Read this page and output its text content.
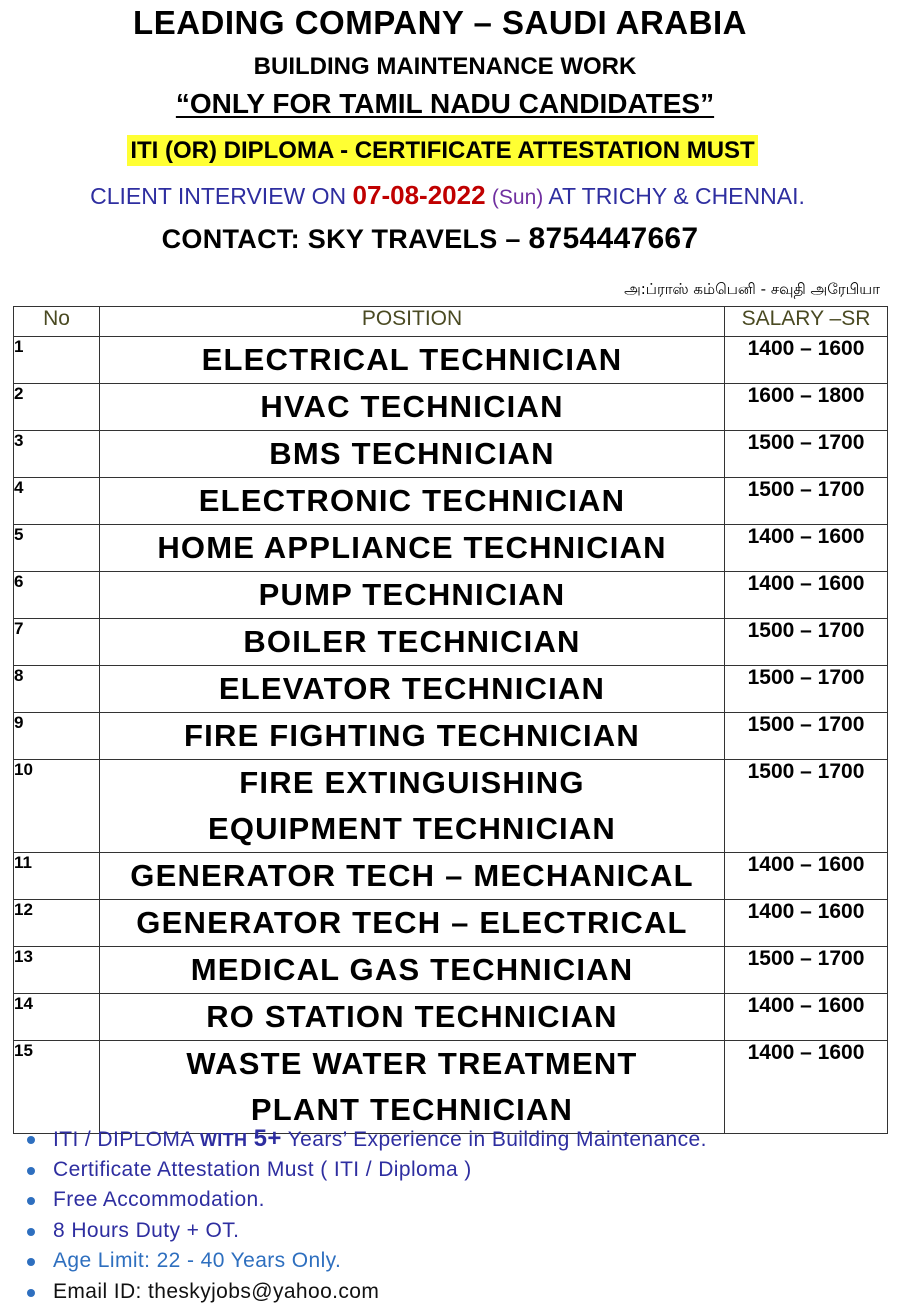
LEADING COMPANY – SAUDI ARABIA
BUILDING MAINTENANCE WORK
“ONLY FOR TAMIL NADU CANDIDATES”
ITI (OR) DIPLOMA - CERTIFICATE ATTESTATION MUST
CLIENT INTERVIEW ON 07-08-2022 (Sun) AT TRICHY & CHENNAI.
CONTACT: SKY TRAVELS – 8754447667
அ:ப்ராஸ் கம்பெனி - சவுதி அரேபியா
No	POSITION	SALARY –SR
1	ELECTRICAL TECHNICIAN	1400 – 1600
2	HVAC TECHNICIAN	1600 – 1800
3	BMS TECHNICIAN	1500 – 1700
4	ELECTRONIC TECHNICIAN	1500 – 1700
5	HOME APPLIANCE TECHNICIAN	1400 – 1600
6	PUMP TECHNICIAN	1400 – 1600
7	BOILER TECHNICIAN	1500 – 1700
8	ELEVATOR TECHNICIAN	1500 – 1700
9	FIRE FIGHTING TECHNICIAN	1500 – 1700
10	FIRE EXTINGUISHING
EQUIPMENT TECHNICIAN	1500 – 1700
11	GENERATOR TECH – MECHANICAL	1400 – 1600
12	GENERATOR TECH – ELECTRICAL	1400 – 1600
13	MEDICAL GAS TECHNICIAN	1500 – 1700
14	RO STATION TECHNICIAN	1400 – 1600
15	WASTE WATER TREATMENT
PLANT TECHNICIAN	1400 – 1600
ITI / DIPLOMA WITH 5+ Years’ Experience in Building Maintenance.
Certificate Attestation Must ( ITI / Diploma )
Free Accommodation.
8 Hours Duty + OT.
Age Limit: 22 - 40 Years Only.
Email ID: theskyjobs@yahoo.com
